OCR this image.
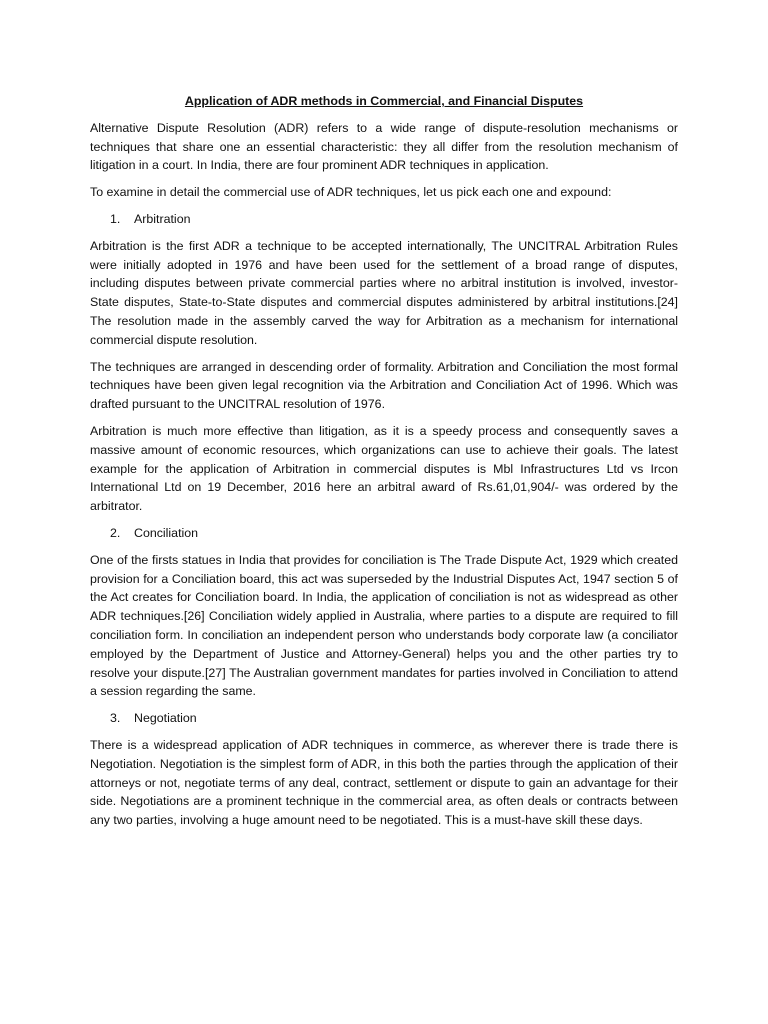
Application of ADR methods in Commercial, and Financial Disputes

Alternative Dispute Resolution (ADR) refers to a wide range of dispute-resolution mechanisms or techniques that share one an essential characteristic: they all differ from the resolution mechanism of litigation in a court. In India, there are four prominent ADR techniques in application.

To examine in detail the commercial use of ADR techniques, let us pick each one and expound:

1. Arbitration

Arbitration is the first ADR a technique to be accepted internationally, The UNCITRAL Arbitration Rules were initially adopted in 1976 and have been used for the settlement of a broad range of disputes, including disputes between private commercial parties where no arbitral institution is involved, investor-State disputes, State-to-State disputes and commercial disputes administered by arbitral institutions.[24] The resolution made in the assembly carved the way for Arbitration as a mechanism for international commercial dispute resolution.

The techniques are arranged in descending order of formality. Arbitration and Conciliation the most formal techniques have been given legal recognition via the Arbitration and Conciliation Act of 1996. Which was drafted pursuant to the UNCITRAL resolution of 1976.

Arbitration is much more effective than litigation, as it is a speedy process and consequently saves a massive amount of economic resources, which organizations can use to achieve their goals. The latest example for the application of Arbitration in commercial disputes is Mbl Infrastructures Ltd vs Ircon International Ltd on 19 December, 2016 here an arbitral award of Rs.61,01,904/- was ordered by the arbitrator.

2. Conciliation

One of the firsts statues in India that provides for conciliation is The Trade Dispute Act, 1929 which created provision for a Conciliation board, this act was superseded by the Industrial Disputes Act, 1947 section 5 of the Act creates for Conciliation board. In India, the application of conciliation is not as widespread as other ADR techniques.[26] Conciliation widely applied in Australia, where parties to a dispute are required to fill conciliation form. In conciliation an independent person who understands body corporate law (a conciliator employed by the Department of Justice and Attorney-General) helps you and the other parties try to resolve your dispute.[27] The Australian government mandates for parties involved in Conciliation to attend a session regarding the same.

3. Negotiation

There is a widespread application of ADR techniques in commerce, as wherever there is trade there is Negotiation. Negotiation is the simplest form of ADR, in this both the parties through the application of their attorneys or not, negotiate terms of any deal, contract, settlement or dispute to gain an advantage for their side. Negotiations are a prominent technique in the commercial area, as often deals or contracts between any two parties, involving a huge amount need to be negotiated. This is a must-have skill these days.
